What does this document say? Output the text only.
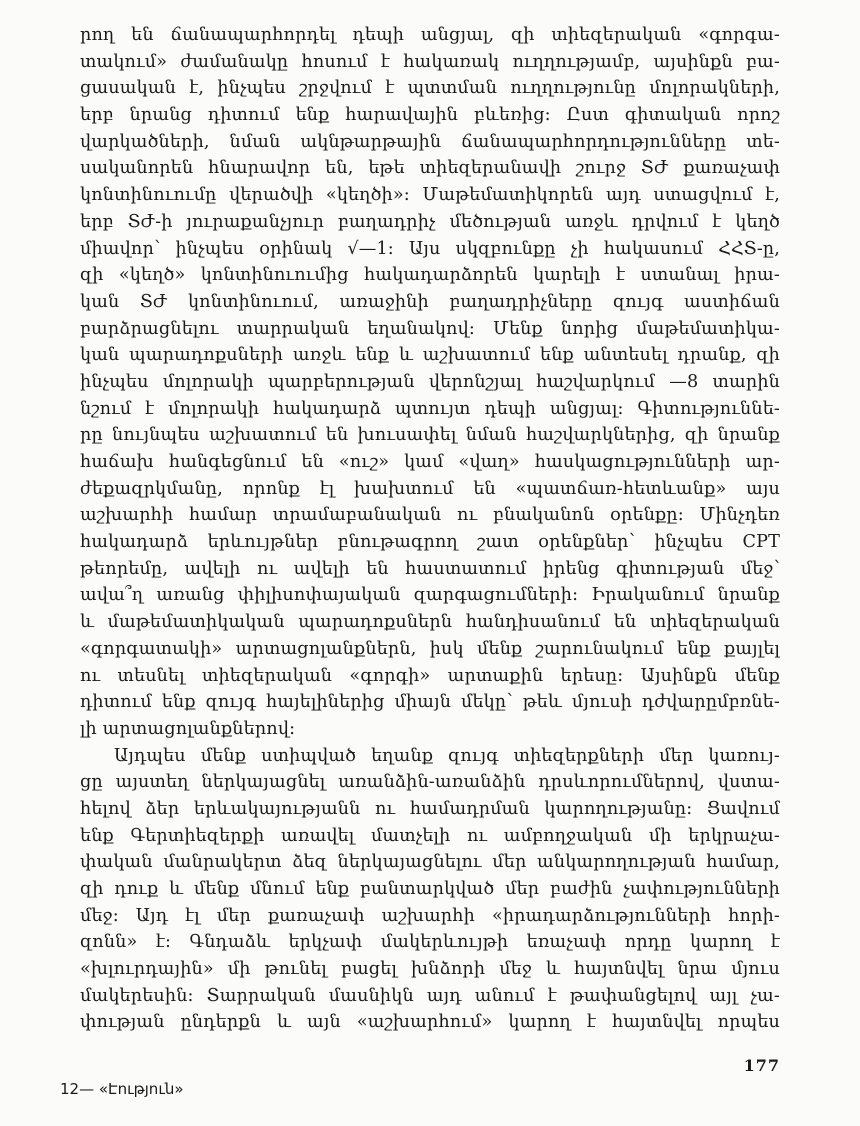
րող են ճանապարհորդել դեպի անցյալ, զի տիեզերական «գորգա-
տակում» ժամանակը հոսում է հակառակ ուղղությամբ, այսինքն բա-
ցասական է, ինչպես շրջվում է պտտման ուղղությունը մոլորակների,
երբ նրանց դիտում ենք հարավային բևեռից: Ըստ գիտական որոշ
վարկածների, նման ակնթարթային ճանապարհորդությունները տե-
սականորեն հնարավոր են, եթե տիեզերանավի շուրջ ՏԺ քառաչափ
կոնտինուումը վերածվի «կեղծի»: Մաթեմատիկորեն այդ ստացվում է,
երբ ՏԺ-ի յուրաքանչյուր բաղադրիչ մեծության առջև դրվում է կեղծ
միավոր՝ ինչպես օրինակ √—1: Այս սկզբունքը չի հակասում ՀՀՏ-ը,
զի «կեղծ» կոնտինուումից հակադարձորեն կարելի է ստանալ իրա-
կան ՏԺ կոնտինուում, առաջինի բաղադրիչները զույգ աստիճան
բարձրացնելու տարրական եղանակով: Մենք նորից մաթեմատիկա-
կան պարադոքսների առջև ենք և աշխատում ենք անտեսել դրանք, զի
ինչպես մոլորակի պարբերության վերոնշյալ հաշվարկում —8 տարին
նշում է մոլորակի հակադարձ պտույտ դեպի անցյալ: Գիտություննե-
րը նույնպես աշխատում են խուսափել նման հաշվարկներից, զի նրանք
հաճախ հանգեցնում են «ուշ» կամ «վաղ» հասկացությունների ար-
ժեքազրկմանը, որոնք էլ խախտում են «պատճառ-հետևանք» այս
աշխարհի համար տրամաբանական ու բնականոն օրենքը: Մինչդեռ
հակադարձ երևույթներ բնութագրող շատ օրենքներ՝ ինչպես CPT
թեորեմը, ավելի ու ավելի են հաստատում իրենց գիտության մեջ՝
ավա՞ղ առանց փիլիսոփայական զարգացումների: Իրականում նրանք
և մաթեմատիկական պարադոքսներն հանդիսանում են տիեզերական
«գորգատակի» արտացոլանքներն, իսկ մենք շարունակում ենք քայլել
ու տեսնել տիեզերական «գորգի» արտաքին երեսը: Այսինքն մենք
դիտում ենք զույգ հայելիներից միայն մեկը՝ թեև մյուսի դժվարըմբռնե-
լի արտացոլանքներով:
Այդպես մենք ստիպված եղանք զույգ տիեզերքների մեր կառույ-
ցը այստեղ ներկայացնել առանձին-առանձին դրսևորումներով, վստա-
հելով ձեր երևակայությանն ու համադրման կարողությանը: Ցավում
ենք Գերտիեզերքի առավել մատչելի ու ամբողջական մի երկրաչա-
փական մանրակերտ ձեզ ներկայացնելու մեր անկարողության համար,
զի դուք և մենք մնում ենք բանտարկված մեր բաժին չափությունների
մեջ: Այդ էլ մեր քառաչափ աշխարհի «իրադարձությունների հորի-
զոնն» է: Գնդաձև երկչափ մակերևույթի եռաչափ որդը կարող է
«խլուրդային» մի թունել բացել խնձորի մեջ և հայտնվել նրա մյուս
մակերեսին: Տարրական մասնիկն այդ անում է թափանցելով այլ չա-
փության ընդերքն և այն «աշխարհում» կարող է հայտնվել որպես
177
12— «Էություն»
